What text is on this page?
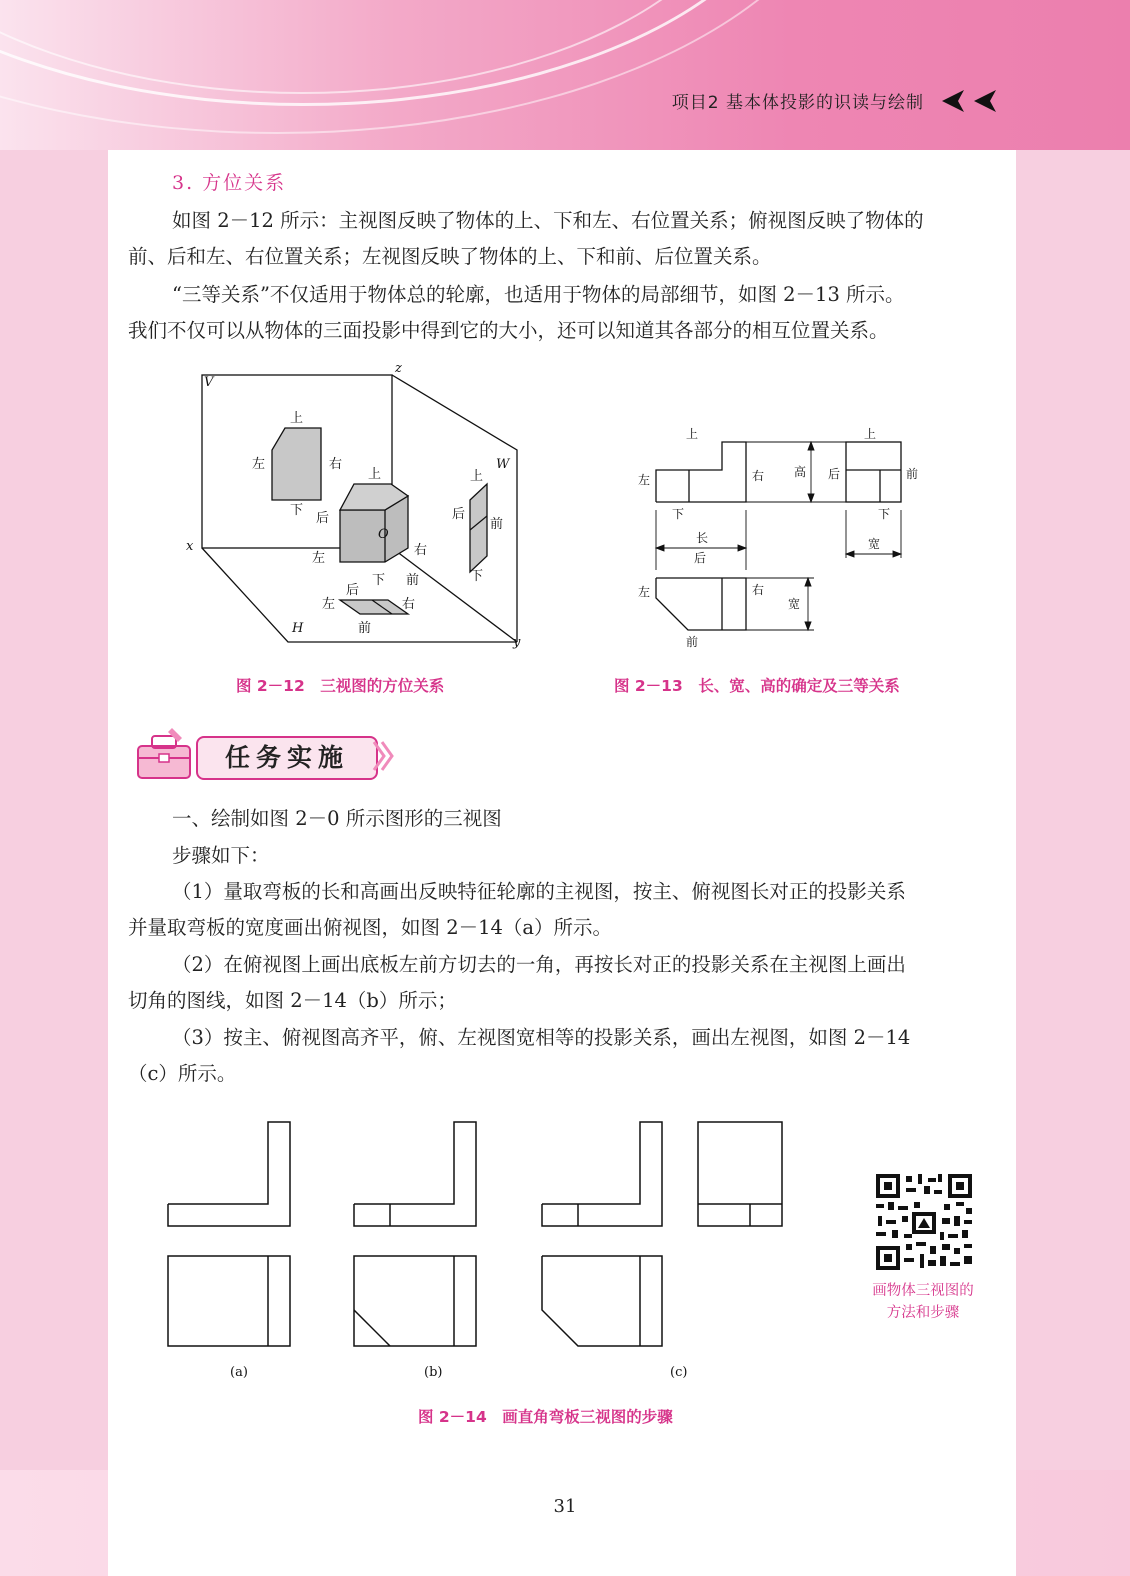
项目2 基本体投影的识读与绘制
3. 方位关系
如图 2－12 所示：主视图反映了物体的上、下和左、右位置关系；俯视图反映了物体的
前、后和左、右位置关系；左视图反映了物体的上、下和前、后位置关系。
“三等关系”不仅适用于物体总的轮廓，也适用于物体的局部细节，如图 2－13 所示。
我们不仅可以从物体的三面投影中得到它的大小，还可以知道其各部分的相互位置关系。
V
z
W
x
H
y
O
上
左	右
下
后
上
左
右
下 前
上
后
前
下
后
左	右
前
图 2－12　三视图的方位关系
上
左	右
下
高 后
上
前
下
长
后
宽
左	右
宽
前
图 2－13　长、宽、高的确定及三等关系
任务实施
一、绘制如图 2－0 所示图形的三视图
步骤如下：
（1）量取弯板的长和高画出反映特征轮廓的主视图，按主、俯视图长对正的投影关系
并量取弯板的宽度画出俯视图，如图 2－14（a）所示。
（2）在俯视图上画出底板左前方切去的一角，再按长对正的投影关系在主视图上画出
切角的图线，如图 2－14（b）所示；
（3）按主、俯视图高齐平，俯、左视图宽相等的投影关系，画出左视图，如图 2－14
（c）所示。
(a)	(b)	(c)
图 2－14　画直角弯板三视图的步骤
画物体三视图的
方法和步骤
31
